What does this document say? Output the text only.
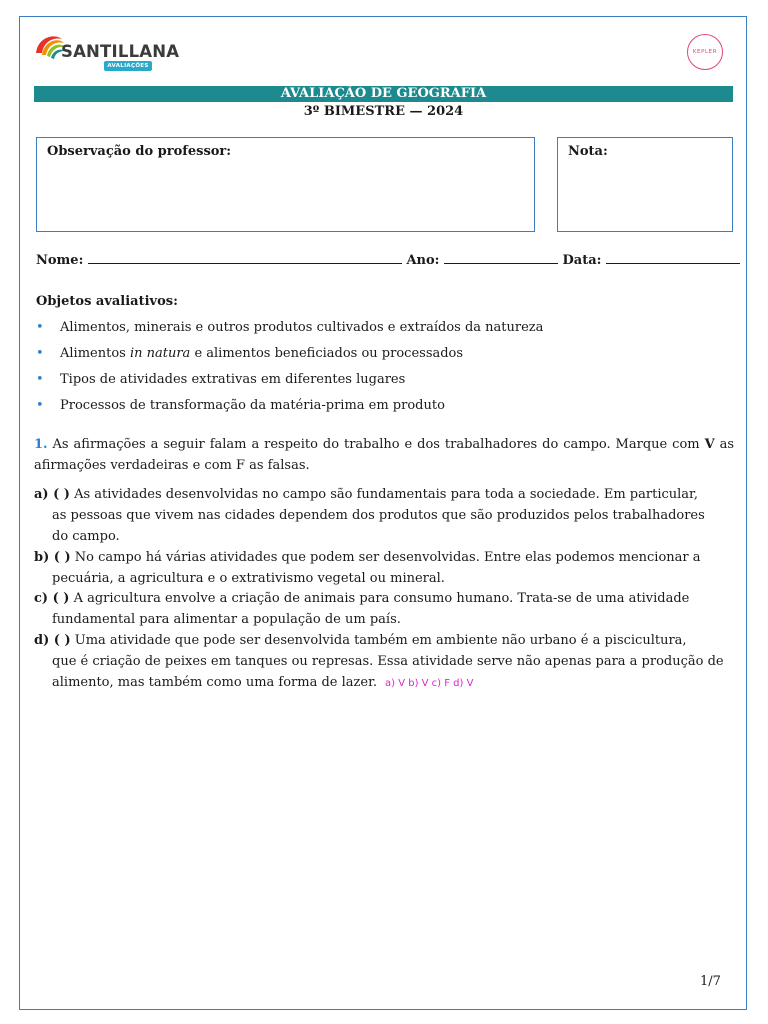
SANTILLANA
AVALIAÇÕES
KEPLER
AVALIAÇÃO DE GEOGRAFIA
3º BIMESTRE — 2024
Observação do professor:	Nota:
Nome:	Ano:	Data:
Objetos avaliativos:
• Alimentos, minerais e outros produtos cultivados e extraídos da natureza
• Alimentos in natura e alimentos beneficiados ou processados
• Tipos de atividades extrativas em diferentes lugares
• Processos de transformação da matéria-prima em produto
1. As afirmações a seguir falam a respeito do trabalho e dos trabalhadores do campo. Marque com V as afirmações verdadeiras e com F as falsas.
a) ( ) As atividades desenvolvidas no campo são fundamentais para toda a sociedade. Em particular,
as pessoas que vivem nas cidades dependem dos produtos que são produzidos pelos trabalhadores do campo.
b) ( ) No campo há várias atividades que podem ser desenvolvidas. Entre elas podemos mencionar a
pecuária, a agricultura e o extrativismo vegetal ou mineral.
c) ( ) A agricultura envolve a criação de animais para consumo humano. Trata-se de uma atividade
fundamental para alimentar a população de um país.
d) ( ) Uma atividade que pode ser desenvolvida também em ambiente não urbano é a piscicultura,
que é criação de peixes em tanques ou represas. Essa atividade serve não apenas para a produção de alimento, mas também como uma forma de lazer. a) V b) V c) F d) V
1/7
